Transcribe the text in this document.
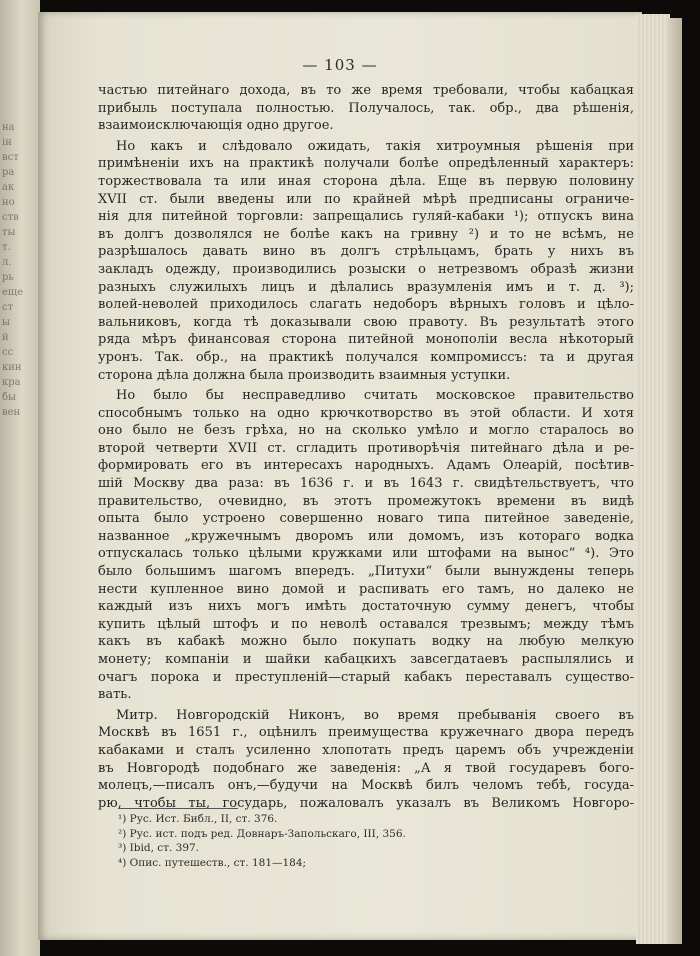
на
ін
вст
ра
ак
но
ств
ты
т.
л.
рь
еще
ст
ы
й
сс
кин
кра
бы
вен
— 103 —
частью питейнаго дохода, въ то же время требовали, чтобы кабацкая
прибыль поступала полностью. Получалось, так. обр., два рѣшенія,
взаимоисключающія одно другое.
Но какъ и слѣдовало ожидать, такія хитроумныя рѣшенія при
примѣненіи ихъ на практикѣ получали болѣе опредѣленный характеръ:
торжествовала та или иная сторона дѣла. Еще въ первую половину
XVII ст. были введены или по крайней мѣрѣ предписаны ограниче-
нія для питейной торговли: запрещались гуляй-кабаки ¹); отпускъ вина
въ долгъ дозволялся не болѣе какъ на гривну ²) и то не всѣмъ, не
разрѣшалось давать вино въ долгъ стрѣльцамъ, брать у нихъ въ
закладъ одежду, производились розыски о нетрезвомъ образѣ жизни
разныхъ служилыхъ лицъ и дѣлались вразумленія имъ и т. д. ³);
волей-неволей приходилось слагать недоборъ вѣрныхъ головъ и цѣло-
вальниковъ, когда тѣ доказывали свою правоту. Въ результатѣ этого
ряда мѣръ финансовая сторона питейной монополіи весла нѣкоторый
уронъ. Так. обр., на практикѣ получался компромиссъ: та и другая
сторона дѣла должна была производить взаимныя уступки.
Но было бы несправедливо считать московское правительство
способнымъ только на одно крючкотворство въ этой области. И хотя
оно было не безъ грѣха, но на сколько умѣло и могло старалось во
второй четверти XVII ст. сгладить противорѣчія питейнаго дѣла и ре-
формировать его въ интересахъ народныхъ. Адамъ Олеарій, посѣтив-
шій Москву два раза: въ 1636 г. и въ 1643 г. свидѣтельствуетъ, что
правительство, очевидно, въ этотъ промежутокъ времени въ видѣ
опыта было устроено совершенно новаго типа питейное заведеніе,
названное „кружечнымъ дворомъ или домомъ, изъ котораго водка
отпускалась только цѣлыми кружками или штофами на вынос“ ⁴). Это
было большимъ шагомъ впередъ. „Питухи“ были вынуждены теперь
нести купленное вино домой и распивать его тамъ, но далеко не
каждый изъ нихъ могъ имѣть достаточную сумму денегъ, чтобы
купить цѣлый штофъ и по неволѣ оставался трезвымъ; между тѣмъ
какъ въ кабакѣ можно было покупать водку на любую мелкую
монету; компаніи и шайки кабацкихъ завсегдатаевъ распылялись и
очагъ порока и преступленій—старый кабакъ переставалъ существо-
вать.
Митр. Новгородскій Никонъ, во время пребыванія своего въ
Москвѣ въ 1651 г., оцѣнилъ преимущества кружечнаго двора передъ
кабаками и сталъ усиленно хлопотать предъ царемъ объ учрежденіи
въ Новгородѣ подобнаго же заведенія: „А я твой государевъ бого-
молецъ,—писалъ онъ,—будучи на Москвѣ билъ челомъ тебѣ, госуда-
рю, чтобы ты, государь, пожаловалъ указалъ въ Великомъ Новгоро-
¹) Рус. Ист. Библ., II, ст. 376.
²) Рус. ист. подъ ред. Довнаръ-Запольскаго, III, 356.
³) Ibid, ст. 397.
⁴) Опис. путешеств., ст. 181—184;
